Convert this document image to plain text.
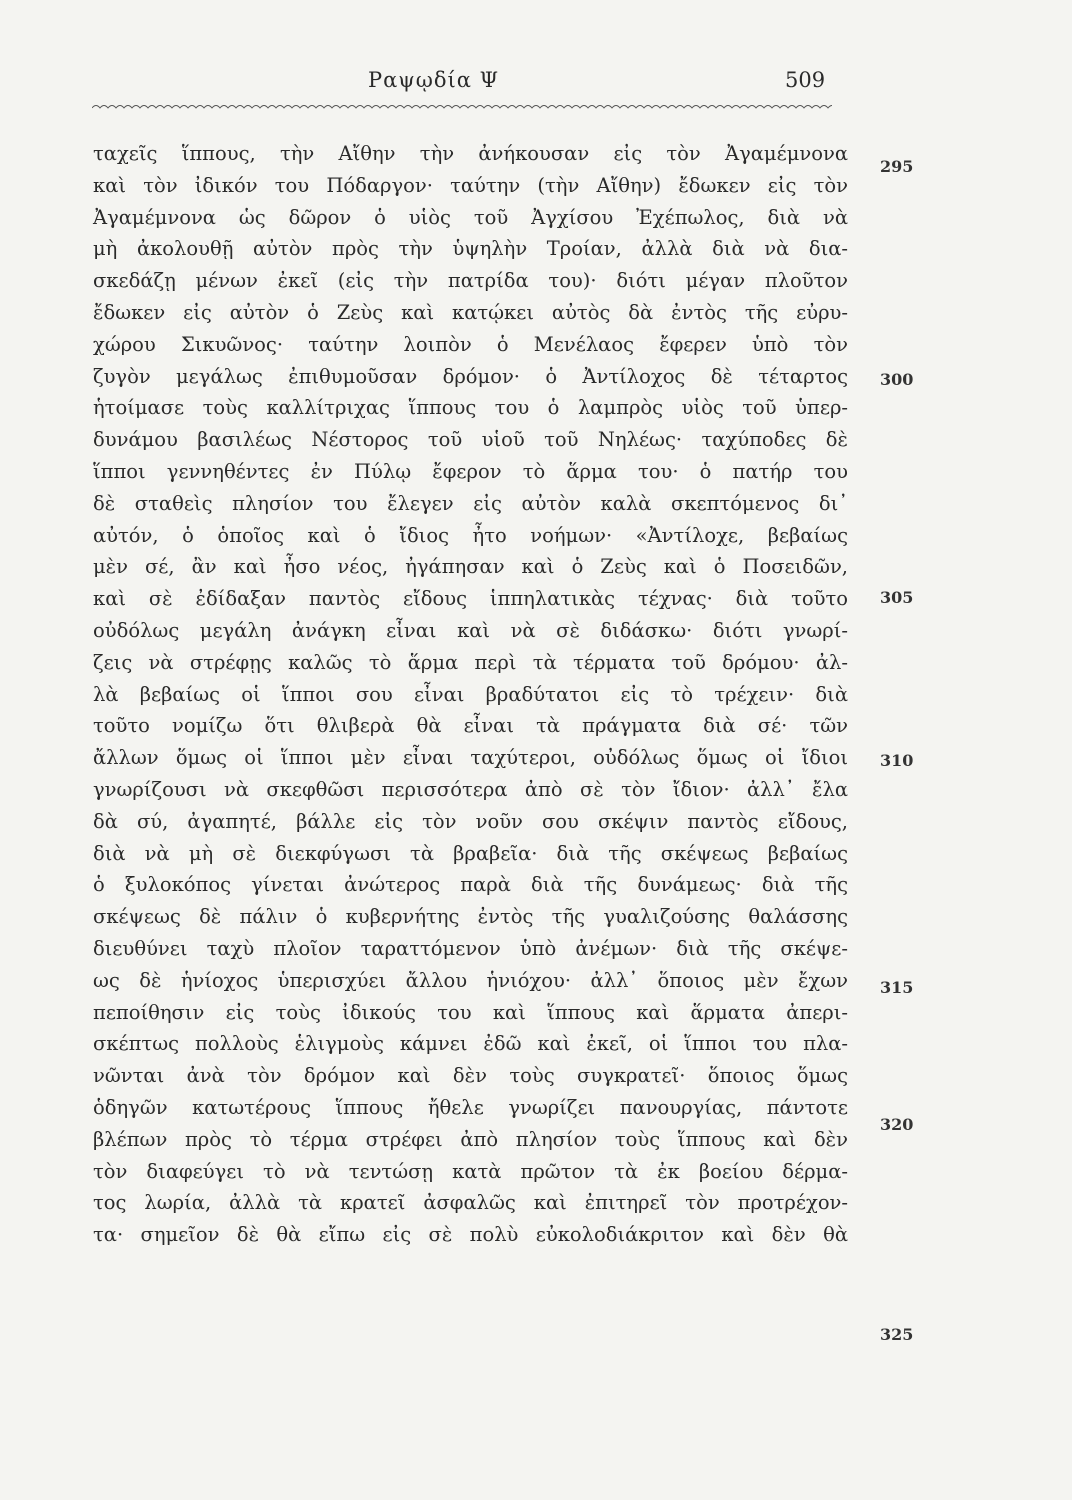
Ραψῳδία Ψ	509
ταχεῖς ἵππους, τὴν Αἴθην τὴν ἀνήκουσαν εἰς τὸν Ἀγαμέμνονα
καὶ τὸν ἰδικόν του Πόδαργον· ταύτην (τὴν Αἴθην) ἔδωκεν εἰς τὸν
Ἀγαμέμνονα ὡς δῶρον ὁ υἱὸς τοῦ Ἀγχίσου Ἐχέπωλος, διὰ νὰ
μὴ ἀκολουθῇ αὐτὸν πρὸς τὴν ὑψηλὴν Τροίαν, ἀλλὰ διὰ νὰ δια-
σκεδάζῃ μένων ἐκεῖ (εἰς τὴν πατρίδα του)· διότι μέγαν πλοῦτον
ἔδωκεν εἰς αὐτὸν ὁ Ζεὺς καὶ κατῴκει αὐτὸς δὰ ἐντὸς τῆς εὐρυ-
χώρου Σικυῶνος· ταύτην λοιπὸν ὁ Μενέλαος ἔφερεν ὑπὸ τὸν
ζυγὸν μεγάλως ἐπιθυμοῦσαν δρόμον· ὁ Ἀντίλοχος δὲ τέταρτος
ἡτοίμασε τοὺς καλλίτριχας ἵππους του ὁ λαμπρὸς υἱὸς τοῦ ὑπερ-
δυνάμου βασιλέως Νέστορος τοῦ υἱοῦ τοῦ Νηλέως· ταχύποδες δὲ
ἵπποι γεννηθέντες ἐν Πύλῳ ἔφερον τὸ ἅρμα του· ὁ πατήρ του
δὲ σταθεὶς πλησίον του ἔλεγεν εἰς αὐτὸν καλὰ σκεπτόμενος δι᾽
αὐτόν, ὁ ὁποῖος καὶ ὁ ἴδιος ἦτο νοήμων· «Ἀντίλοχε, βεβαίως
μὲν σέ, ἂν καὶ ἦσο νέος, ἠγάπησαν καὶ ὁ Ζεὺς καὶ ὁ Ποσειδῶν,
καὶ σὲ ἐδίδαξαν παντὸς εἴδους ἱππηλατικὰς τέχνας· διὰ τοῦτο
οὐδόλως μεγάλη ἀνάγκη εἶναι καὶ νὰ σὲ διδάσκω· διότι γνωρί-
ζεις νὰ στρέφῃς καλῶς τὸ ἅρμα περὶ τὰ τέρματα τοῦ δρόμου· ἀλ-
λὰ βεβαίως οἱ ἵπποι σου εἶναι βραδύτατοι εἰς τὸ τρέχειν· διὰ
τοῦτο νομίζω ὅτι θλιβερὰ θὰ εἶναι τὰ πράγματα διὰ σέ· τῶν
ἄλλων ὅμως οἱ ἵπποι μὲν εἶναι ταχύτεροι, οὐδόλως ὅμως οἱ ἴδιοι
γνωρίζουσι νὰ σκεφθῶσι περισσότερα ἀπὸ σὲ τὸν ἴδιον· ἀλλ᾽ ἔλα
δὰ σύ, ἀγαπητέ, βάλλε εἰς τὸν νοῦν σου σκέψιν παντὸς εἴδους,
διὰ νὰ μὴ σὲ διεκφύγωσι τὰ βραβεῖα· διὰ τῆς σκέψεως βεβαίως
ὁ ξυλοκόπος γίνεται ἀνώτερος παρὰ διὰ τῆς δυνάμεως· διὰ τῆς
σκέψεως δὲ πάλιν ὁ κυβερνήτης ἐντὸς τῆς γυαλιζούσης θαλάσσης
διευθύνει ταχὺ πλοῖον ταραττόμενον ὑπὸ ἀνέμων· διὰ τῆς σκέψε-
ως δὲ ἡνίοχος ὑπερισχύει ἄλλου ἡνιόχου· ἀλλ᾽ ὅποιος μὲν ἔχων
πεποίθησιν εἰς τοὺς ἰδικούς του καὶ ἵππους καὶ ἅρματα ἀπερι-
σκέπτως πολλοὺς ἑλιγμοὺς κάμνει ἐδῶ καὶ ἐκεῖ, οἱ ἵπποι του πλα-
νῶνται ἀνὰ τὸν δρόμον καὶ δὲν τοὺς συγκρατεῖ· ὅποιος ὅμως
ὁδηγῶν κατωτέρους ἵππους ἤθελε γνωρίζει πανουργίας, πάντοτε
βλέπων πρὸς τὸ τέρμα στρέφει ἀπὸ πλησίον τοὺς ἵππους καὶ δὲν
τὸν διαφεύγει τὸ νὰ τεντώσῃ κατὰ πρῶτον τὰ ἐκ βοείου δέρμα-
τος λωρία, ἀλλὰ τὰ κρατεῖ ἀσφαλῶς καὶ ἐπιτηρεῖ τὸν προτρέχον-
τα· σημεῖον δὲ θὰ εἴπω εἰς σὲ πολὺ εὐκολοδιάκριτον καὶ δὲν θὰ
295
300
305
310
315
320
325
